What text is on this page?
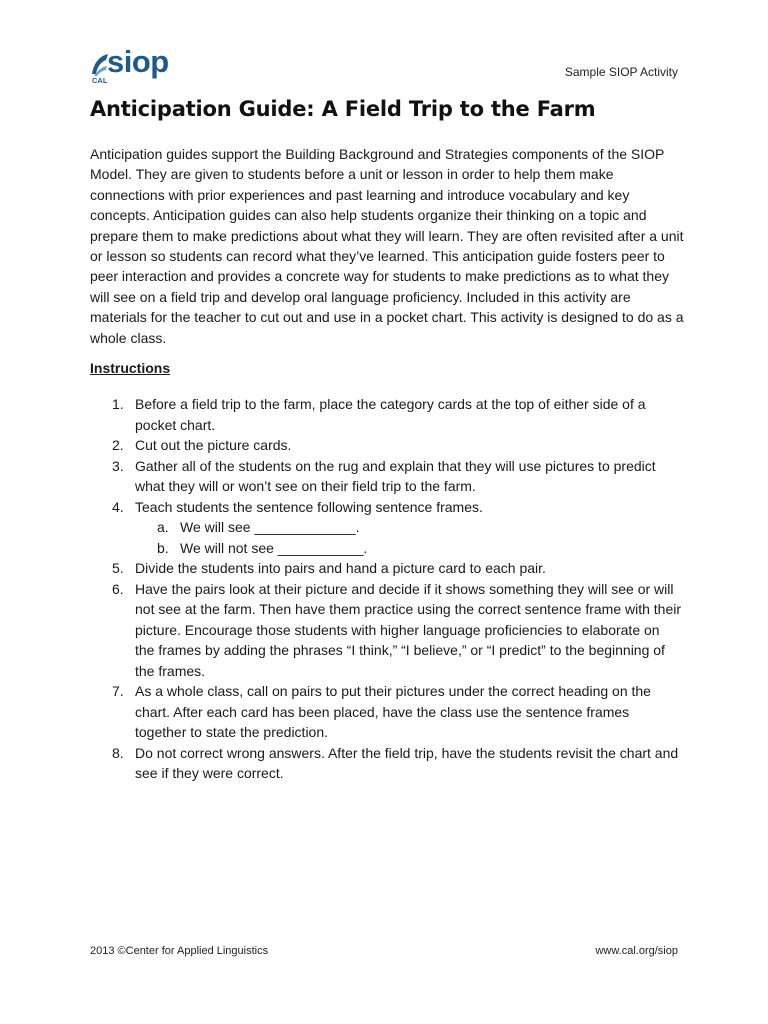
siop
CAL
Sample SIOP Activity
Anticipation Guide: A Field Trip to the Farm

Anticipation guides support the Building Background and Strategies components of the SIOP Model. They are given to students before a unit or lesson in order to help them make connections with prior experiences and past learning and introduce vocabulary and key concepts. Anticipation guides can also help students organize their thinking on a topic and prepare them to make predictions about what they will learn. They are often revisited after a unit or lesson so students can record what they’ve learned. This anticipation guide fosters peer to peer interaction and provides a concrete way for students to make predictions as to what they will see on a field trip and develop oral language proficiency. Included in this activity are materials for the teacher to cut out and use in a pocket chart. This activity is designed to do as a whole class.

Instructions
1. Before a field trip to the farm, place the category cards at the top of either side of a pocket chart.
2. Cut out the picture cards.
3. Gather all of the students on the rug and explain that they will use pictures to predict what they will or won’t see on their field trip to the farm.
4. Teach students the sentence following sentence frames.
a. We will see _____________.
b. We will not see ___________.
5. Divide the students into pairs and hand a picture card to each pair.
6. Have the pairs look at their picture and decide if it shows something they will see or will not see at the farm. Then have them practice using the correct sentence frame with their picture. Encourage those students with higher language proficiencies to elaborate on the frames by adding the phrases “I think,” “I believe,” or “I predict” to the beginning of the frames.
7. As a whole class, call on pairs to put their pictures under the correct heading on the chart. After each card has been placed, have the class use the sentence frames together to state the prediction.
8. Do not correct wrong answers. After the field trip, have the students revisit the chart and see if they were correct.
2013 ©Center for Applied Linguistics	www.cal.org/siop
